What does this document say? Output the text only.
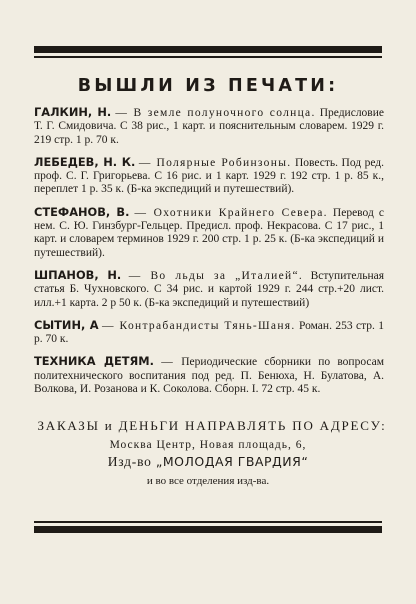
ВЫШЛИ ИЗ ПЕЧАТИ:
ГАЛКИН, Н. — В земле полуночного солнца. Предисловие Т. Г. Смидовича. С 38 рис., 1 карт. и пояснительным словарем. 1929 г. 219 стр. 1 р. 70 к.
ЛЕБЕДЕВ, Н. К. — Полярные Робинзоны. Повесть. Под ред. проф. С. Г. Григорьева. С 16 рис. и 1 карт. 1929 г. 192 стр. 1 р. 85 к., переплет 1 р. 35 к. (Б-ка экспедиций и путешествий).
СТЕФАНОВ, В. — Охотники Крайнего Севера. Перевод с нем. С. Ю. Гинзбург-Гельцер. Предисл. проф. Некрасова. С 17 рис., 1 карт. и словарем терминов 1929 г. 200 стр. 1 р. 25 к. (Б-ка экспедиций и путешествий).
ШПАНОВ, Н. — Во льды за „Италией“. Вступительная статья Б. Чухновского. С 34 рис. и картой 1929 г. 244 стр.+20 лист. илл.+1 карта. 2 р 50 к. (Б-ка экспедиций и путешествий)
СЫТИН, А — Контрабандисты Тянь-Шаня. Роман. 253 стр. 1 р. 70 к.
ТЕХНИКА ДЕТЯМ. — Периодические сборники по вопросам политехнического воспитания под ред. П. Бенюха, Н. Булатова, А. Волкова, И. Розанова и К. Соколова. Сборн. I. 72 стр. 45 к.
ЗАКАЗЫ и ДЕНЬГИ НАПРАВЛЯТЬ ПО АДРЕСУ:
Москва Центр, Новая площадь, 6,
Изд-во „МОЛОДАЯ ГВАРДИЯ“
и во все отделения изд-ва.
